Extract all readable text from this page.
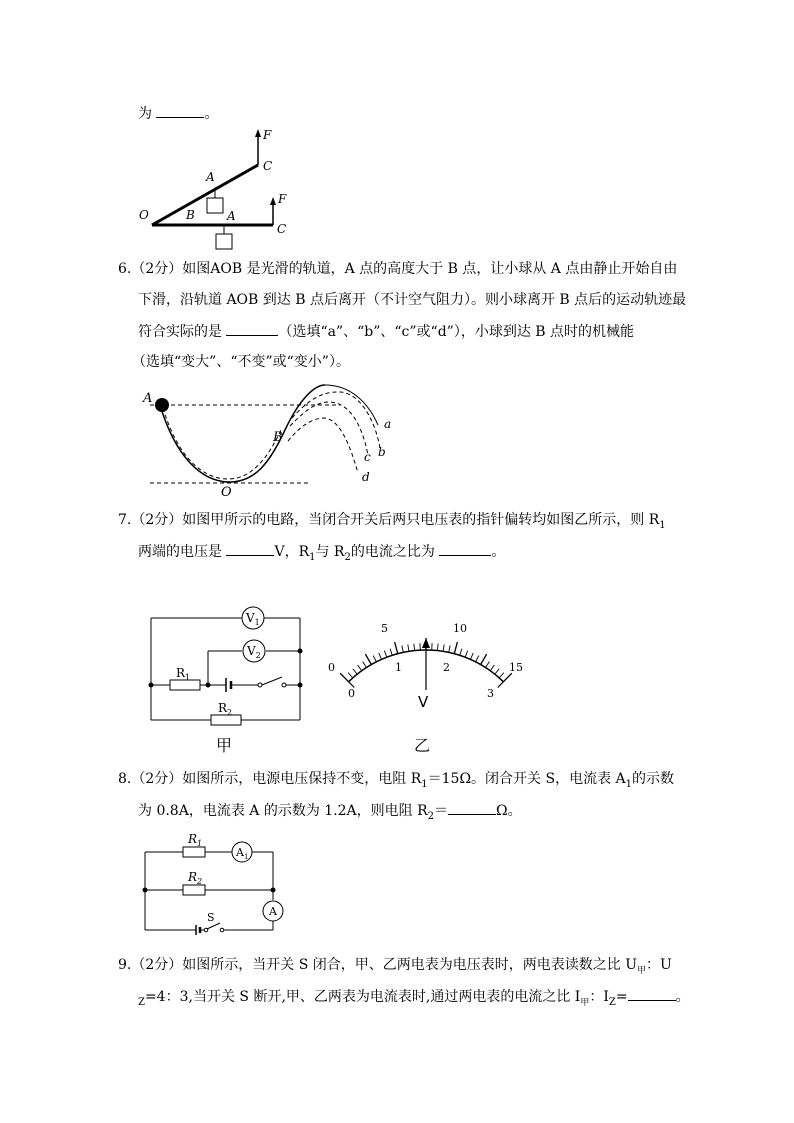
为	。
F
C
A
O	B	A
F
C
6.（2分）如图AOB 是光滑的轨道，A 点的高度大于 B 点，让小球从 A 点由静止开始自由
下滑，沿轨道 AOB 到达 B 点后离开（不计空气阻力）。则小球离开 B 点后的运动轨迹最
符合实际的是	（选填“a”、“b”、“c”或“d”），小球到达 B 点时的机械能
（选填“变大”、“不变”或“变小”）。
A
B
O
a
b
c
d
7.（2分）如图甲所示的电路，当闭合开关后两只电压表的指针偏转均如图乙所示，则 $R_1$
两端的电压是	V，$R_1$与 $R_2$的电流之比为	。
$V_1$
$V_2$
$R_1$
$R_2$
甲
0
5	10
15
0
1	2
3
V
乙
8.（2分）如图所示，电源电压保持不变，电阻 $R_1=15\Omega$。闭合开关 S，电流表 $A_1$的示数
为 0.8A，电流表 A 的示数为 1.2A，则电阻 $R_2=$	Ω。
$R_1$
$R_2$
$A_1$
A
S
9.（2分）如图所示，当开关 S 闭合，甲、乙两电表为电压表时，两电表读数之比 $U_甲$：U
$_Z$=4：3,当开关 S 断开,甲、乙两表为电流表时,通过两电表的电流之比 $I_甲$：$I_Z=$	。
